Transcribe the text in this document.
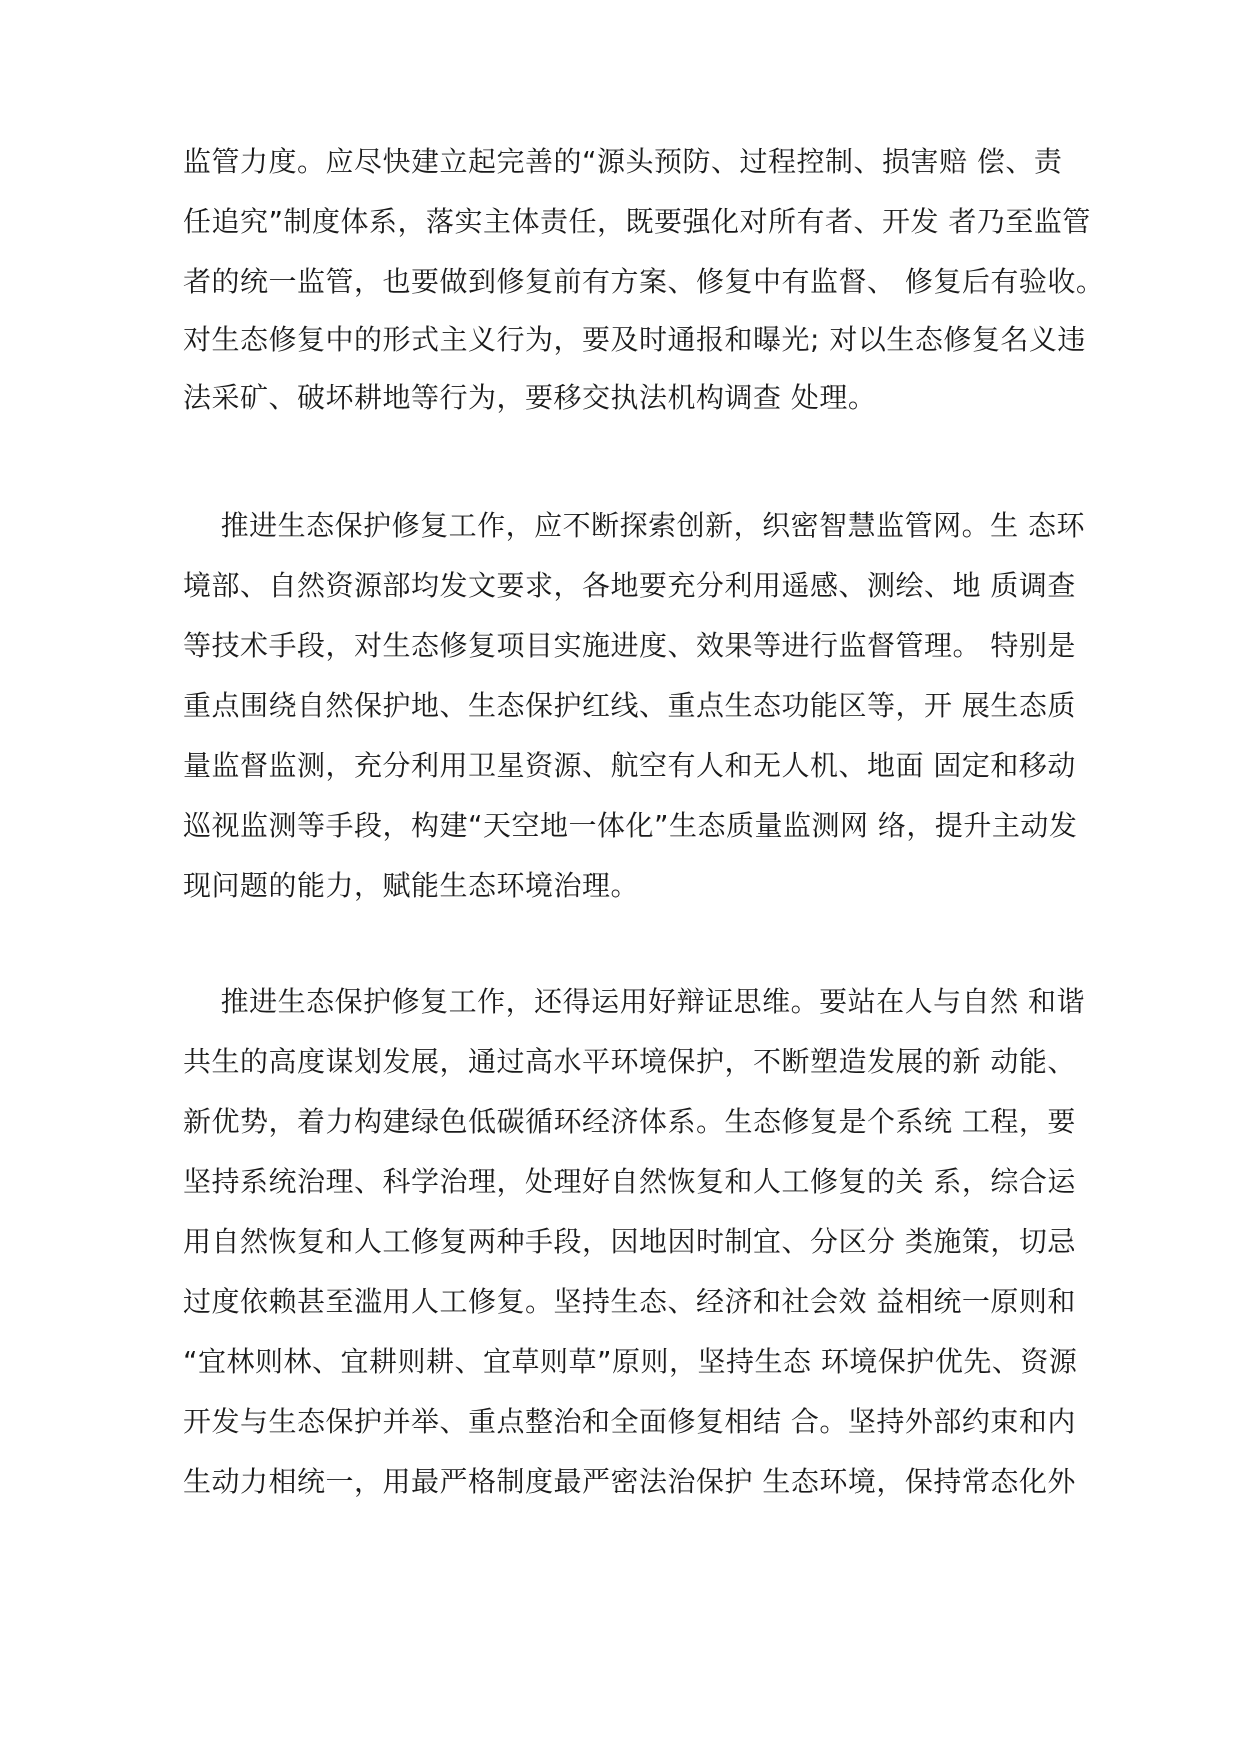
监管力度。应尽快建立起完善的“源头预防、过程控制、损害赔 偿、责
任追究”制度体系，落实主体责任，既要强化对所有者、开发 者乃至监管
者的统一监管，也要做到修复前有方案、修复中有监督、 修复后有验收。
对生态修复中的形式主义行为，要及时通报和曝光; 对以生态修复名义违
法采矿、破坏耕地等行为，要移交执法机构调查 处理。
推进生态保护修复工作，应不断探索创新，织密智慧监管网。生 态环
境部、自然资源部均发文要求，各地要充分利用遥感、测绘、地 质调查
等技术手段，对生态修复项目实施进度、效果等进行监督管理。 特别是
重点围绕自然保护地、生态保护红线、重点生态功能区等，开 展生态质
量监督监测，充分利用卫星资源、航空有人和无人机、地面 固定和移动
巡视监测等手段，构建“天空地一体化”生态质量监测网 络，提升主动发
现问题的能力，赋能生态环境治理。
推进生态保护修复工作，还得运用好辩证思维。要站在人与自然 和谐
共生的高度谋划发展，通过高水平环境保护，不断塑造发展的新 动能、
新优势，着力构建绿色低碳循环经济体系。生态修复是个系统 工程，要
坚持系统治理、科学治理，处理好自然恢复和人工修复的关 系，综合运
用自然恢复和人工修复两种手段，因地因时制宜、分区分 类施策，切忌
过度依赖甚至滥用人工修复。坚持生态、经济和社会效 益相统一原则和
“宜林则林、宜耕则耕、宜草则草”原则，坚持生态 环境保护优先、资源
开发与生态保护并举、重点整治和全面修复相结 合。坚持外部约束和内
生动力相统一，用最严格制度最严密法治保护 生态环境，保持常态化外
